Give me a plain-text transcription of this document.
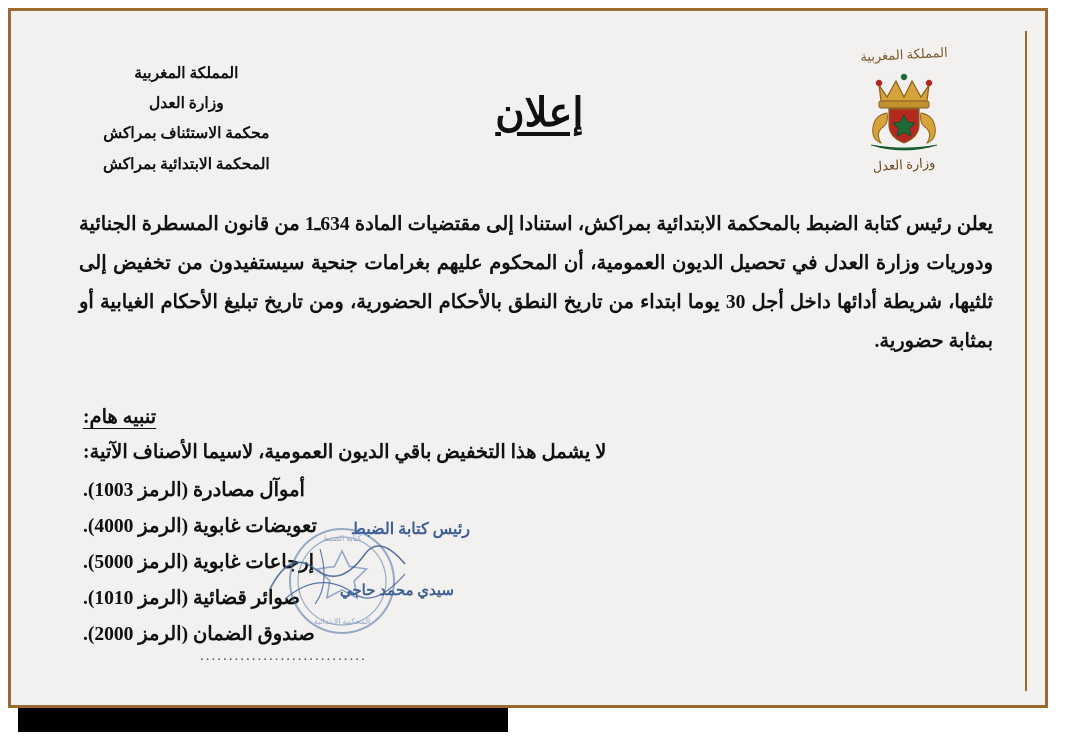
المملكة المغربية
وزارة العدل
محكمة الاستئناف بمراكش
المحكمة الابتدائية بمراكش
إعلان
المملكة المغربية
وزارة العدل
يعلن رئيس كتابة الضبط بالمحكمة الابتدائية بمراكش، استنادا إلى مقتضيات المادة 634ـ1 من قانون المسطرة الجنائية ودوريات وزارة العدل في تحصيل الديون العمومية، أن المحكوم عليهم بغرامات جنحية سيستفيدون من تخفيض إلى ثلثيها، شريطة أدائها داخل أجل 30 يوما ابتداء من تاريخ النطق بالأحكام الحضورية، ومن تاريخ تبليغ الأحكام الغيابية أو بمثابة حضورية.
تنبيه هام:
لا يشمل هذا التخفيض باقي الديون العمومية، لاسيما الأصناف الآتية:
.أموآل مصادرة (الرمز 1003)
.تعويضات غابوية (الرمز 4000)
.إرجاعات غابوية (الرمز 5000)
.صوائر قضائية (الرمز 1010)
.صندوق الضمان (الرمز 2000)
رئيس كتابة الضبط
سيدي محمد حاجي
المحكمة الابتدائية
كتابة الضبط
.............................
